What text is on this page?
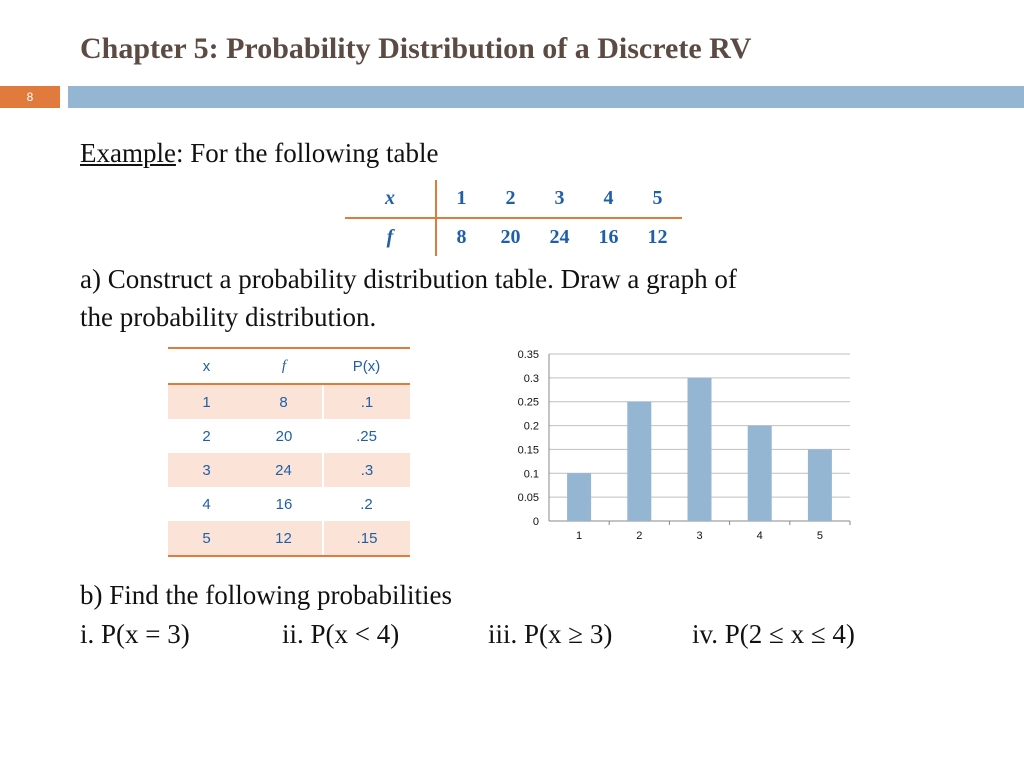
Chapter 5: Probability Distribution of a Discrete RV
8
Example: For the following table
x	1	2	3	4	5
f	8	20	24	16	12
a) Construct a probability distribution table. Draw a graph of
the probability distribution.
x	f	P(x)
1	8	.1
2	20	.25
3	24	.3
4	16	.2
5	12	.15
0
0.05
0.1
0.15
0.2
0.25
0.3
0.35
1	2	3	4	5
b) Find the following probabilities
i. P(x = 3)	ii. P(x < 4)	iii. P(x ≥ 3)	iv. P(2 ≤ x ≤ 4)
